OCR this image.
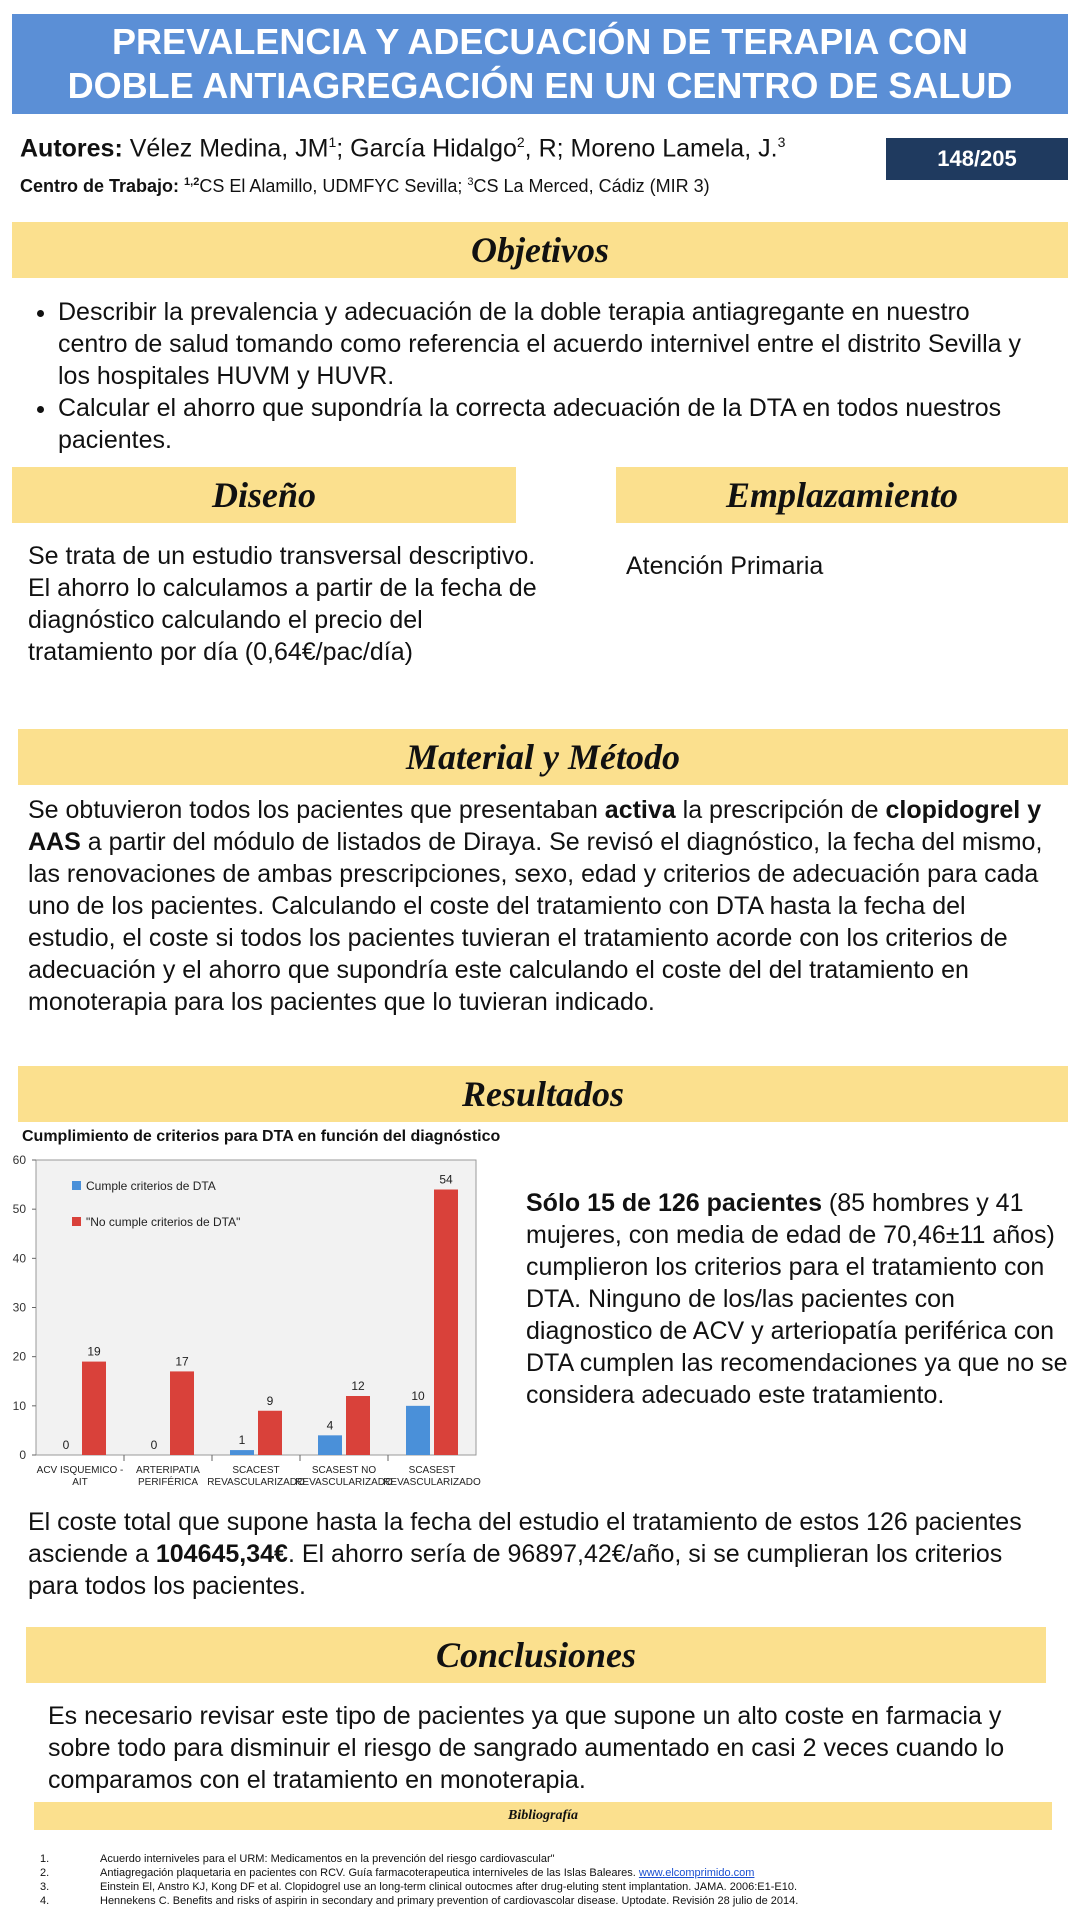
PREVALENCIA Y ADECUACIÓN DE TERAPIA CON
DOBLE ANTIAGREGACIÓN EN UN CENTRO DE SALUD
Autores: Vélez Medina, $JM^1$; García Hidalgo$^2$, R; Moreno Lamela, J.$^3$
Centro de Trabajo: $^{1,2}$CS El Alamillo, UDMFYC Sevilla; $^3$CS La Merced, Cádiz (MIR 3)
148/205
Objetivos
• Describir la prevalencia y adecuación de la doble terapia antiagregante en nuestro centro de salud tomando como referencia el acuerdo internivel entre el distrito Sevilla y los hospitales HUVM y HUVR.
• Calcular el ahorro que supondría la correcta adecuación de la DTA en todos nuestros pacientes.
Diseño	Emplazamiento
Se trata de un estudio transversal descriptivo.
El ahorro lo calculamos a partir de la fecha de diagnóstico calculando el precio del tratamiento por día (0,64€/pac/día)
Atención Primaria
Material y Método
Se obtuvieron todos los pacientes que presentaban activa la prescripción de clopidogrel y AAS a partir del módulo de listados de Diraya. Se revisó el diagnóstico, la fecha del mismo, las renovaciones de ambas prescripciones, sexo, edad y criterios de adecuación para cada uno de los pacientes. Calculando el coste del tratamiento con DTA hasta la fecha del estudio, el coste si todos los pacientes tuvieran el tratamiento acorde con los criterios de adecuación y el ahorro que supondría este calculando el coste del del tratamiento en monoterapia para los pacientes que lo tuvieran indicado.
Resultados
Cumplimiento de criterios para DTA en función del diagnóstico
0
10
20
30
40
50
60
0
19
ACV ISQUEMICO -
AIT
0
17
ARTERIPATIA
PERIFÉRICA
1
9
SCACEST
REVASCULARIZADO
4
12
SCASEST NO
REVASCULARIZADO
10
54
SCASEST
REVASCULARIZADO
Cumple criterios de DTA
"No cumple criterios de DTA"
Sólo 15 de 126 pacientes (85 hombres y 41 mujeres, con media de edad de 70,46±11 años) cumplieron los criterios para el tratamiento con DTA. Ninguno de los/las pacientes con diagnostico de ACV y arteriopatía periférica con DTA cumplen las recomendaciones ya que no se considera adecuado este tratamiento.
El coste total que supone hasta la fecha del estudio el tratamiento de estos 126 pacientes asciende a 104645,34€. El ahorro sería de 96897,42€/año, si se cumplieran los criterios para todos los pacientes.
Conclusiones
Es necesario revisar este tipo de pacientes ya que supone un alto coste en farmacia y sobre todo para disminuir el riesgo de sangrado aumentado en casi 2 veces cuando lo comparamos con el tratamiento en monoterapia.
Bibliografía
1.	Acuerdo interniveles para el URM: Medicamentos en la prevención del riesgo cardiovascular"
2.	Antiagregación plaquetaria en pacientes con RCV. Guía farmacoterapeutica interniveles de las Islas Baleares. www.elcomprimido.com
3.	Einstein El, Anstro KJ, Kong DF et al. Clopidogrel use an long-term clinical outocmes after drug-eluting stent implantation. JAMA. 2006:E1-E10.
4.	Hennekens C. Benefits and risks of aspirin in secondary and primary prevention of cardiovascolar disease. Uptodate. Revisión 28 julio de 2014.
